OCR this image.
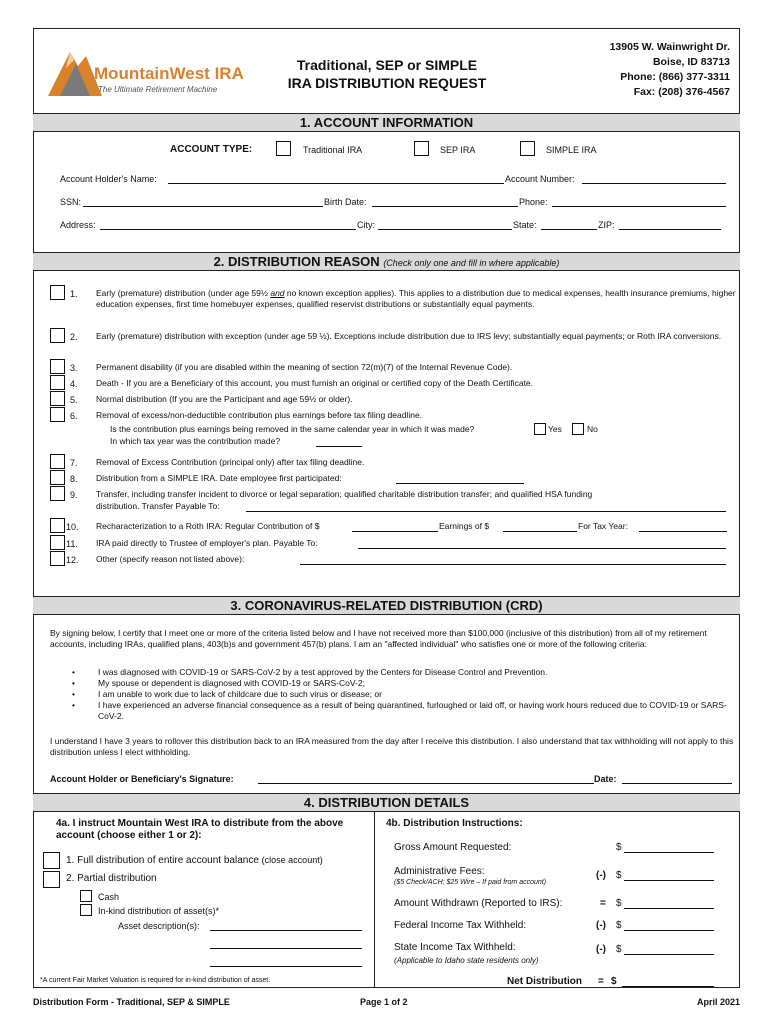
MountainWest IRA
The Ultimate Retirement Machine
Traditional, SEP or SIMPLE
IRA DISTRIBUTION REQUEST
13905 W. Wainwright Dr.
Boise, ID 83713
Phone: (866) 377-3311
Fax: (208) 376-4567
1. ACCOUNT INFORMATION
ACCOUNT TYPE:	Traditional IRA	SEP IRA	SIMPLE IRA
Account Holder's Name:	Account Number:
SSN:	Birth Date:	Phone:
Address:	City:	State:	ZIP:
2. DISTRIBUTION REASON (Check only one and fill in where applicable)
1. Early (premature) distribution (under age 59½ and no known exception applies). This applies to a distribution due to medical expenses, health insurance premiums, higher education expenses, first time homebuyer expenses, qualified reservist distributions or substantially equal payments.
2. Early (premature) distribution with exception (under age 59 ½). Exceptions include distribution due to IRS levy; substantially equal payments; or Roth IRA conversions.
3. Permanent disability (if you are disabled within the meaning of section 72(m)(7) of the Internal Revenue Code).
4. Death - If you are a Beneficiary of this account, you must furnish an original or certified copy of the Death Certificate.
5. Normal distribution (If you are the Participant and age 59½ or older).
6. Removal of excess/non-deductible contribution plus earnings before tax filing deadline.
Is the contribution plus earnings being removed in the same calendar year in which it was made?	Yes	No
In which tax year was the contribution made?
7. Removal of Excess Contribution (principal only) after tax filing deadline.
8. Distribution from a SIMPLE IRA. Date employee first participated:
9. Transfer, including transfer incident to divorce or legal separation; qualified charitable distribution transfer; and qualified HSA funding
distribution. Transfer Payable To:
10. Recharacterization to a Roth IRA: Regular Contribution of $	Earnings of $	For Tax Year:
11. IRA paid directly to Trustee of employer's plan. Payable To:
12. Other (specify reason not listed above):
3. CORONAVIRUS-RELATED DISTRIBUTION (CRD)
By signing below, I certify that I meet one or more of the criteria listed below and I have not received more than $100,000 (inclusive of this distribution) from all of my retirement accounts, including IRAs, qualified plans, 403(b)s and government 457(b) plans. I am an "affected individual" who satisfies one or more of the following criteria:
• I was diagnosed with COVID-19 or SARS-CoV-2 by a test approved by the Centers for Disease Control and Prevention.
• My spouse or dependent is diagnosed with COVID-19 or SARS-CoV-2;
• I am unable to work due to lack of childcare due to such virus or disease; or
• I have experienced an adverse financial consequence as a result of being quarantined, furloughed or laid off, or having work hours reduced due to COVID-19 or SARS-CoV-2.
I understand I have 3 years to rollover this distribution back to an IRA measured from the day after I receive this distribution. I also understand that tax withholding will not apply to this distribution unless I elect withholding.
Account Holder or Beneficiary's Signature:	Date:
4. DISTRIBUTION DETAILS
4a. I instruct Mountain West IRA to distribute from the above account (choose either 1 or 2):
1. Full distribution of entire account balance (close account)
2. Partial distribution
Cash
In-kind distribution of asset(s)*
Asset description(s):
*A current Fair Market Valuation is required for in-kind distribution of asset.
4b. Distribution Instructions:
Gross Amount Requested:	$
Administrative Fees:
($5 Check/ACH; $25 Wire – If paid from account)
(-) $
Amount Withdrawn (Reported to IRS):	= $
Federal Income Tax Withheld:	(-) $
State Income Tax Withheld:
(Applicable to Idaho state residents only)
(-) $
Net Distribution = $
Distribution Form - Traditional, SEP & SIMPLE	Page 1 of 2	April 2021
